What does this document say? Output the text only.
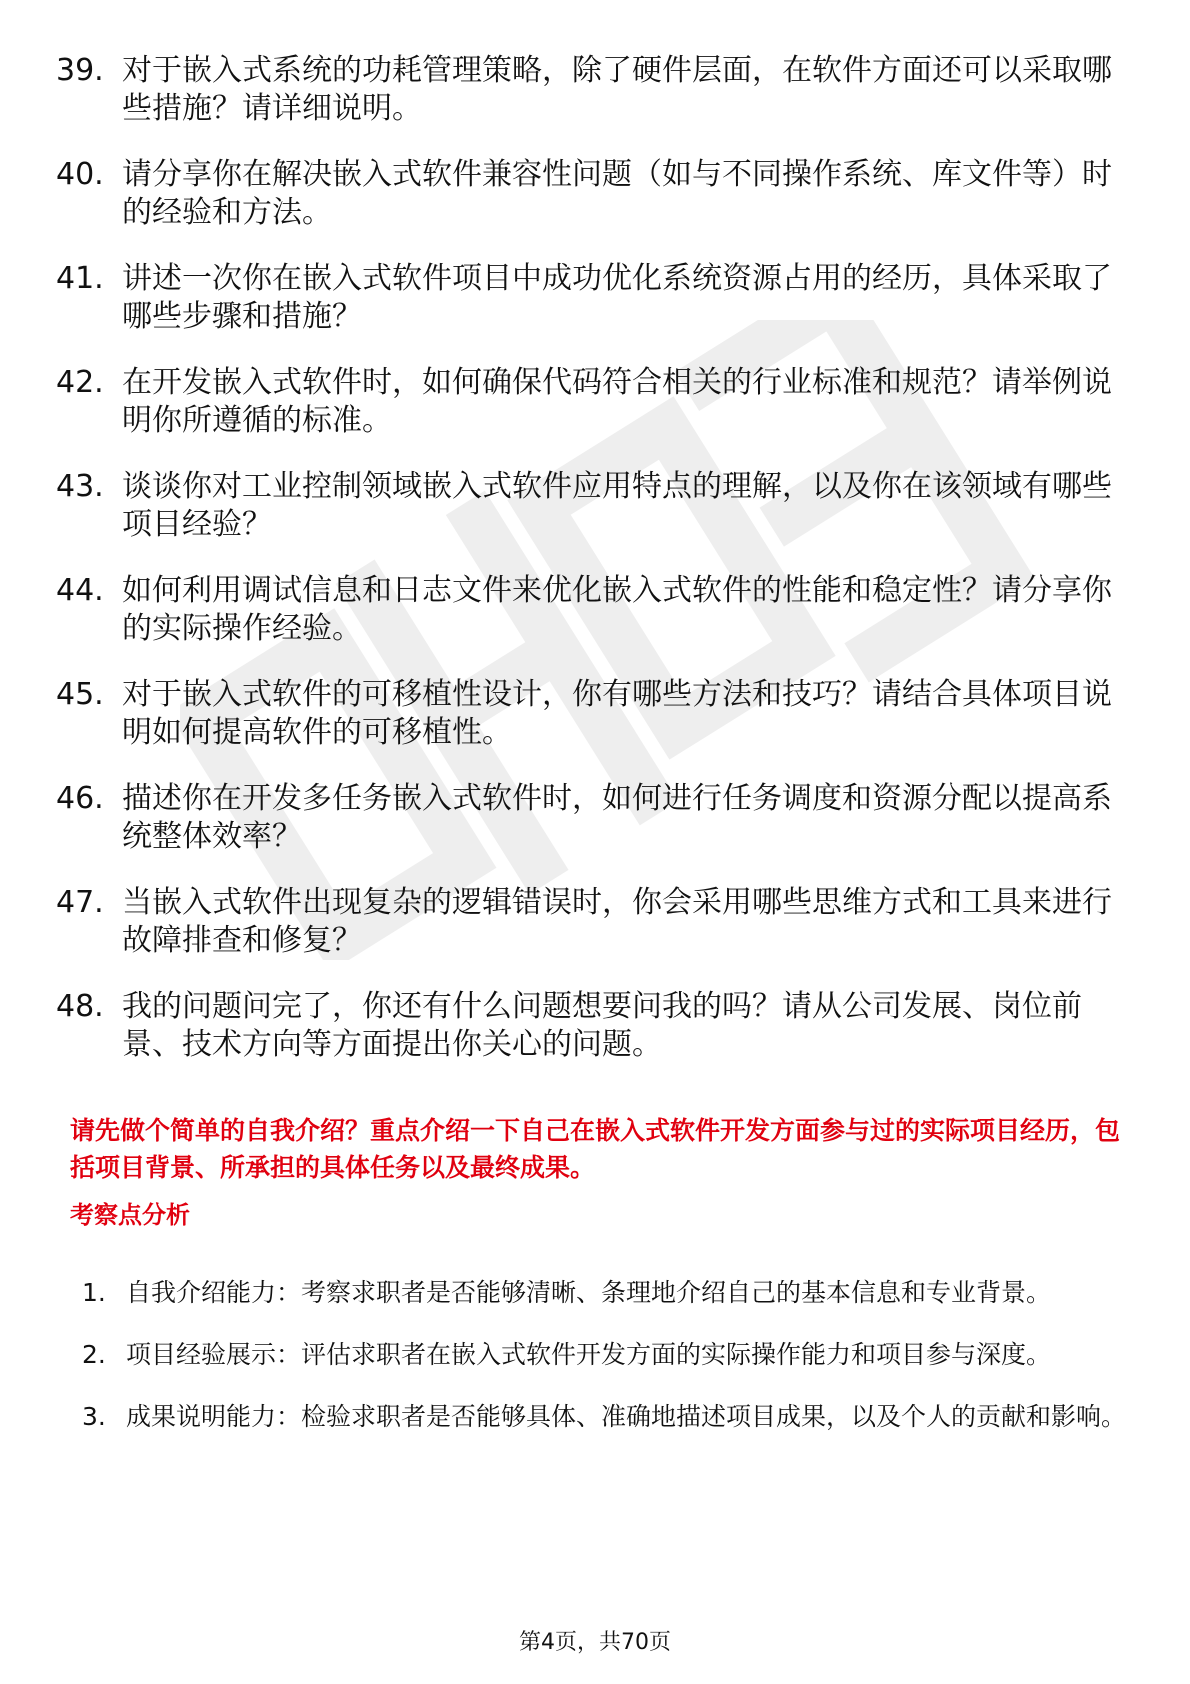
39. 对于嵌入式系统的功耗管理策略，除了硬件层面，在软件方面还可以采取哪些措施？请详细说明。
40. 请分享你在解决嵌入式软件兼容性问题（如与不同操作系统、库文件等）时的经验和方法。
41. 讲述一次你在嵌入式软件项目中成功优化系统资源占用的经历，具体采取了哪些步骤和措施？
42. 在开发嵌入式软件时，如何确保代码符合相关的行业标准和规范？请举例说明你所遵循的标准。
43. 谈谈你对工业控制领域嵌入式软件应用特点的理解，以及你在该领域有哪些项目经验？
44. 如何利用调试信息和日志文件来优化嵌入式软件的性能和稳定性？请分享你的实际操作经验。
45. 对于嵌入式软件的可移植性设计，你有哪些方法和技巧？请结合具体项目说明如何提高软件的可移植性。
46. 描述你在开发多任务嵌入式软件时，如何进行任务调度和资源分配以提高系统整体效率？
47. 当嵌入式软件出现复杂的逻辑错误时，你会采用哪些思维方式和工具来进行故障排查和修复？
48. 我的问题问完了，你还有什么问题想要问我的吗？请从公司发展、岗位前景、技术方向等方面提出你关心的问题。
请先做个简单的自我介绍？重点介绍一下自己在嵌入式软件开发方面参与过的实际项目经历，包括项目背景、所承担的具体任务以及最终成果。
考察点分析
1. 自我介绍能力：考察求职者是否能够清晰、条理地介绍自己的基本信息和专业背景。
2. 项目经验展示：评估求职者在嵌入式软件开发方面的实际操作能力和项目参与深度。
3. 成果说明能力：检验求职者是否能够具体、准确地描述项目成果，以及个人的贡献和影响。
第4页，共70页
